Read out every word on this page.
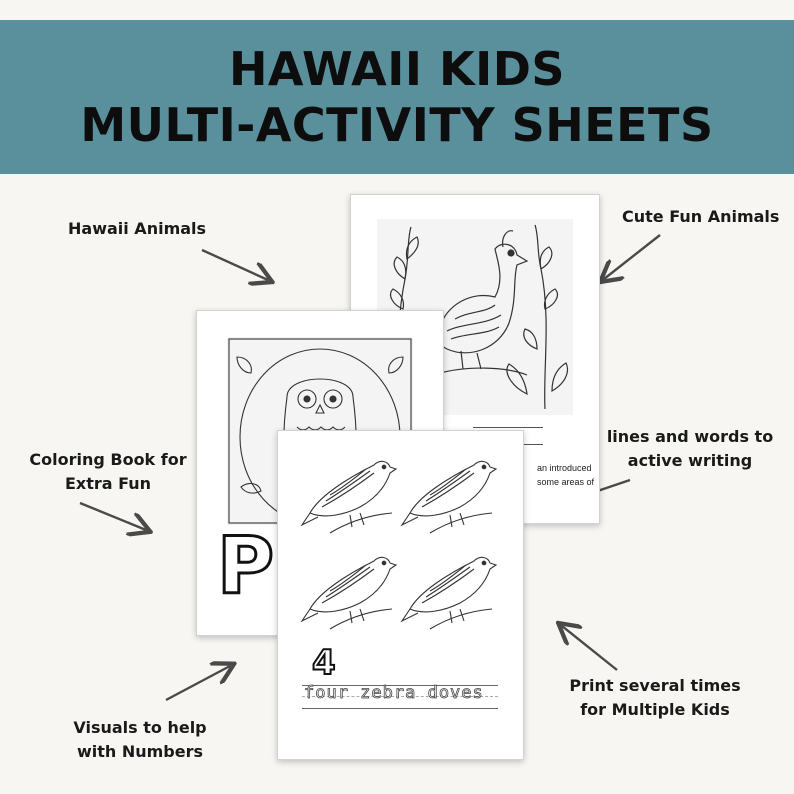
HAWAII KIDS
MULTI-ACTIVITY SHEETS
Hawaii Animals
Cute Fun Animals
Coloring Book for
Extra Fun
lines and words to
active writing
Visuals to help
with Numbers
Print several times
for Multiple Kids
an introduced
some areas of
P
4
four zebra doves
